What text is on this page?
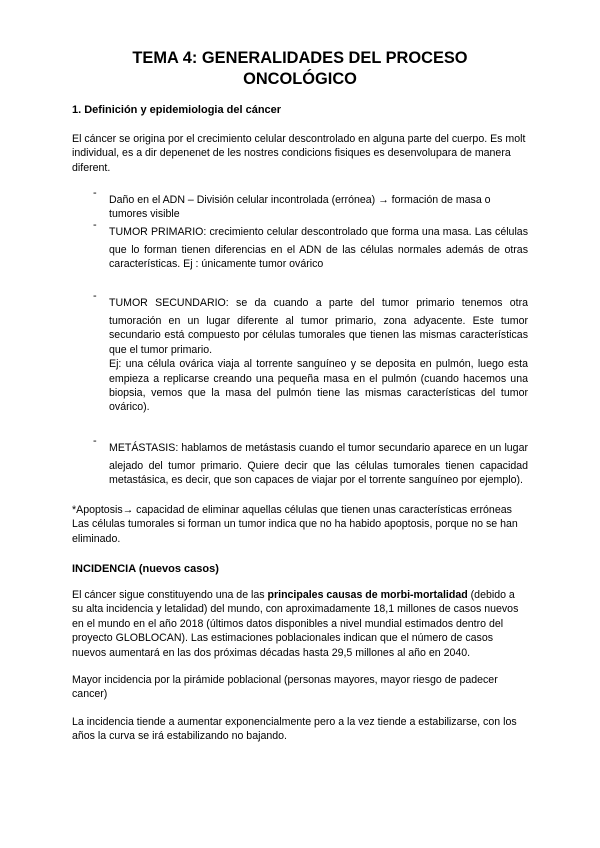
TEMA 4: GENERALIDADES DEL PROCESO ONCOLÓGICO
1. Definición y epidemiologia del cáncer

El cáncer se origina por el crecimiento celular descontrolado en alguna parte del cuerpo. Es molt individual, es a dir depenenet de les nostres condicions fisiques es desenvolupara de manera diferent.

-
Daño en el ADN – División celular incontrolada (errónea) → formación de masa o
tumores visible
-
TUMOR PRIMARIO: crecimiento celular descontrolado que forma una masa. Las células que lo forman tienen diferencias en el ADN de las células normales además de otras características. Ej : únicamente tumor ovárico
-
TUMOR SECUNDARIO: se da cuando a parte del tumor primario tenemos otra tumoración en un lugar diferente al tumor primario, zona adyacente. Este tumor secundario está compuesto por células tumorales que tienen las mismas características que el tumor primario.
Ej: una célula ovárica viaja al torrente sanguíneo y se deposita en pulmón, luego esta empieza a replicarse creando una pequeña masa en el pulmón (cuando hacemos una biopsia, vemos que la masa del pulmón tiene las mismas características del tumor ovárico).
-
METÁSTASIS: hablamos de metástasis cuando el tumor secundario aparece en un lugar alejado del tumor primario. Quiere decir que las células tumorales tienen capacidad metastásica, es decir, que son capaces de viajar por el torrente sanguíneo por ejemplo).

*Apoptosis→ capacidad de eliminar aquellas células que tienen unas características erróneas

Las células tumorales si forman un tumor indica que no ha habido apoptosis, porque no se han eliminado.

INCIDENCIA (nuevos casos)

El cáncer sigue constituyendo una de las principales causas de morbi-mortalidad (debido a su alta incidencia y letalidad) del mundo, con aproximadamente 18,1 millones de casos nuevos en el mundo en el año 2018 (últimos datos disponibles a nivel mundial estimados dentro del proyecto GLOBLOCAN). Las estimaciones poblacionales indican que el número de casos nuevos aumentará en las dos próximas décadas hasta 29,5 millones al año en 2040.

Mayor incidencia por la pirámide poblacional (personas mayores, mayor riesgo de padecer cancer)

La incidencia tiende a aumentar exponencialmente pero a la vez tiende a estabilizarse, con los años la curva se irá estabilizando no bajando.
